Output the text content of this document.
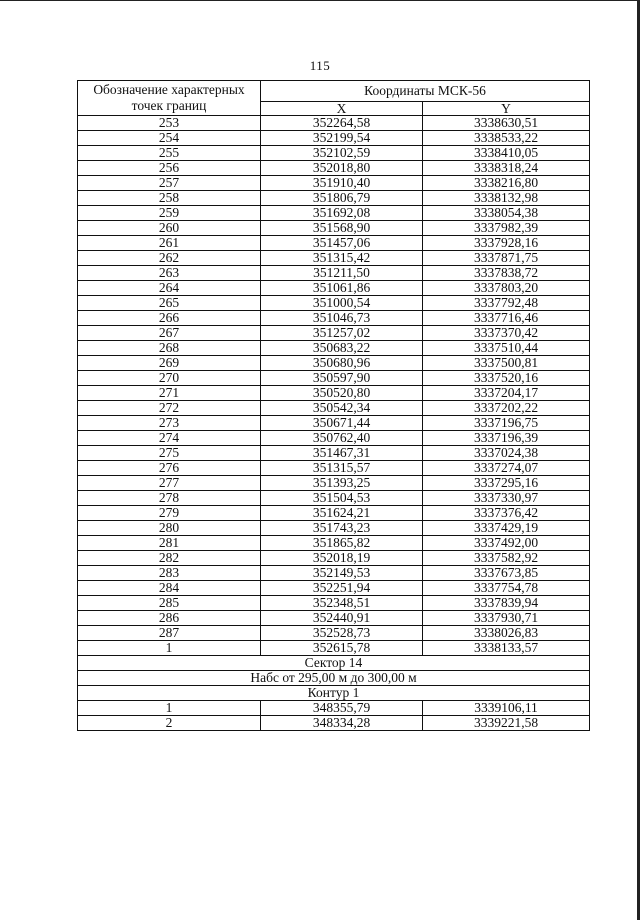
115
Обозначение характерных точек границ	Координаты МСК-56	
	X	Y
253	352264,58	3338630,51
254	352199,54	3338533,22
255	352102,59	3338410,05
256	352018,80	3338318,24
257	351910,40	3338216,80
258	351806,79	3338132,98
259	351692,08	3338054,38
260	351568,90	3337982,39
261	351457,06	3337928,16
262	351315,42	3337871,75
263	351211,50	3337838,72
264	351061,86	3337803,20
265	351000,54	3337792,48
266	351046,73	3337716,46
267	351257,02	3337370,42
268	350683,22	3337510,44
269	350680,96	3337500,81
270	350597,90	3337520,16
271	350520,80	3337204,17
272	350542,34	3337202,22
273	350671,44	3337196,75
274	350762,40	3337196,39
275	351467,31	3337024,38
276	351315,57	3337274,07
277	351393,25	3337295,16
278	351504,53	3337330,97
279	351624,21	3337376,42
280	351743,23	3337429,19
281	351865,82	3337492,00
282	352018,19	3337582,92
283	352149,53	3337673,85
284	352251,94	3337754,78
285	352348,51	3337839,94
286	352440,91	3337930,71
287	352528,73	3338026,83
1	352615,78	3338133,57
Сектор 14		
Набс от 295,00 м до 300,00 м		
Контур 1		
1	348355,79	3339106,11
2	348334,28	3339221,58
